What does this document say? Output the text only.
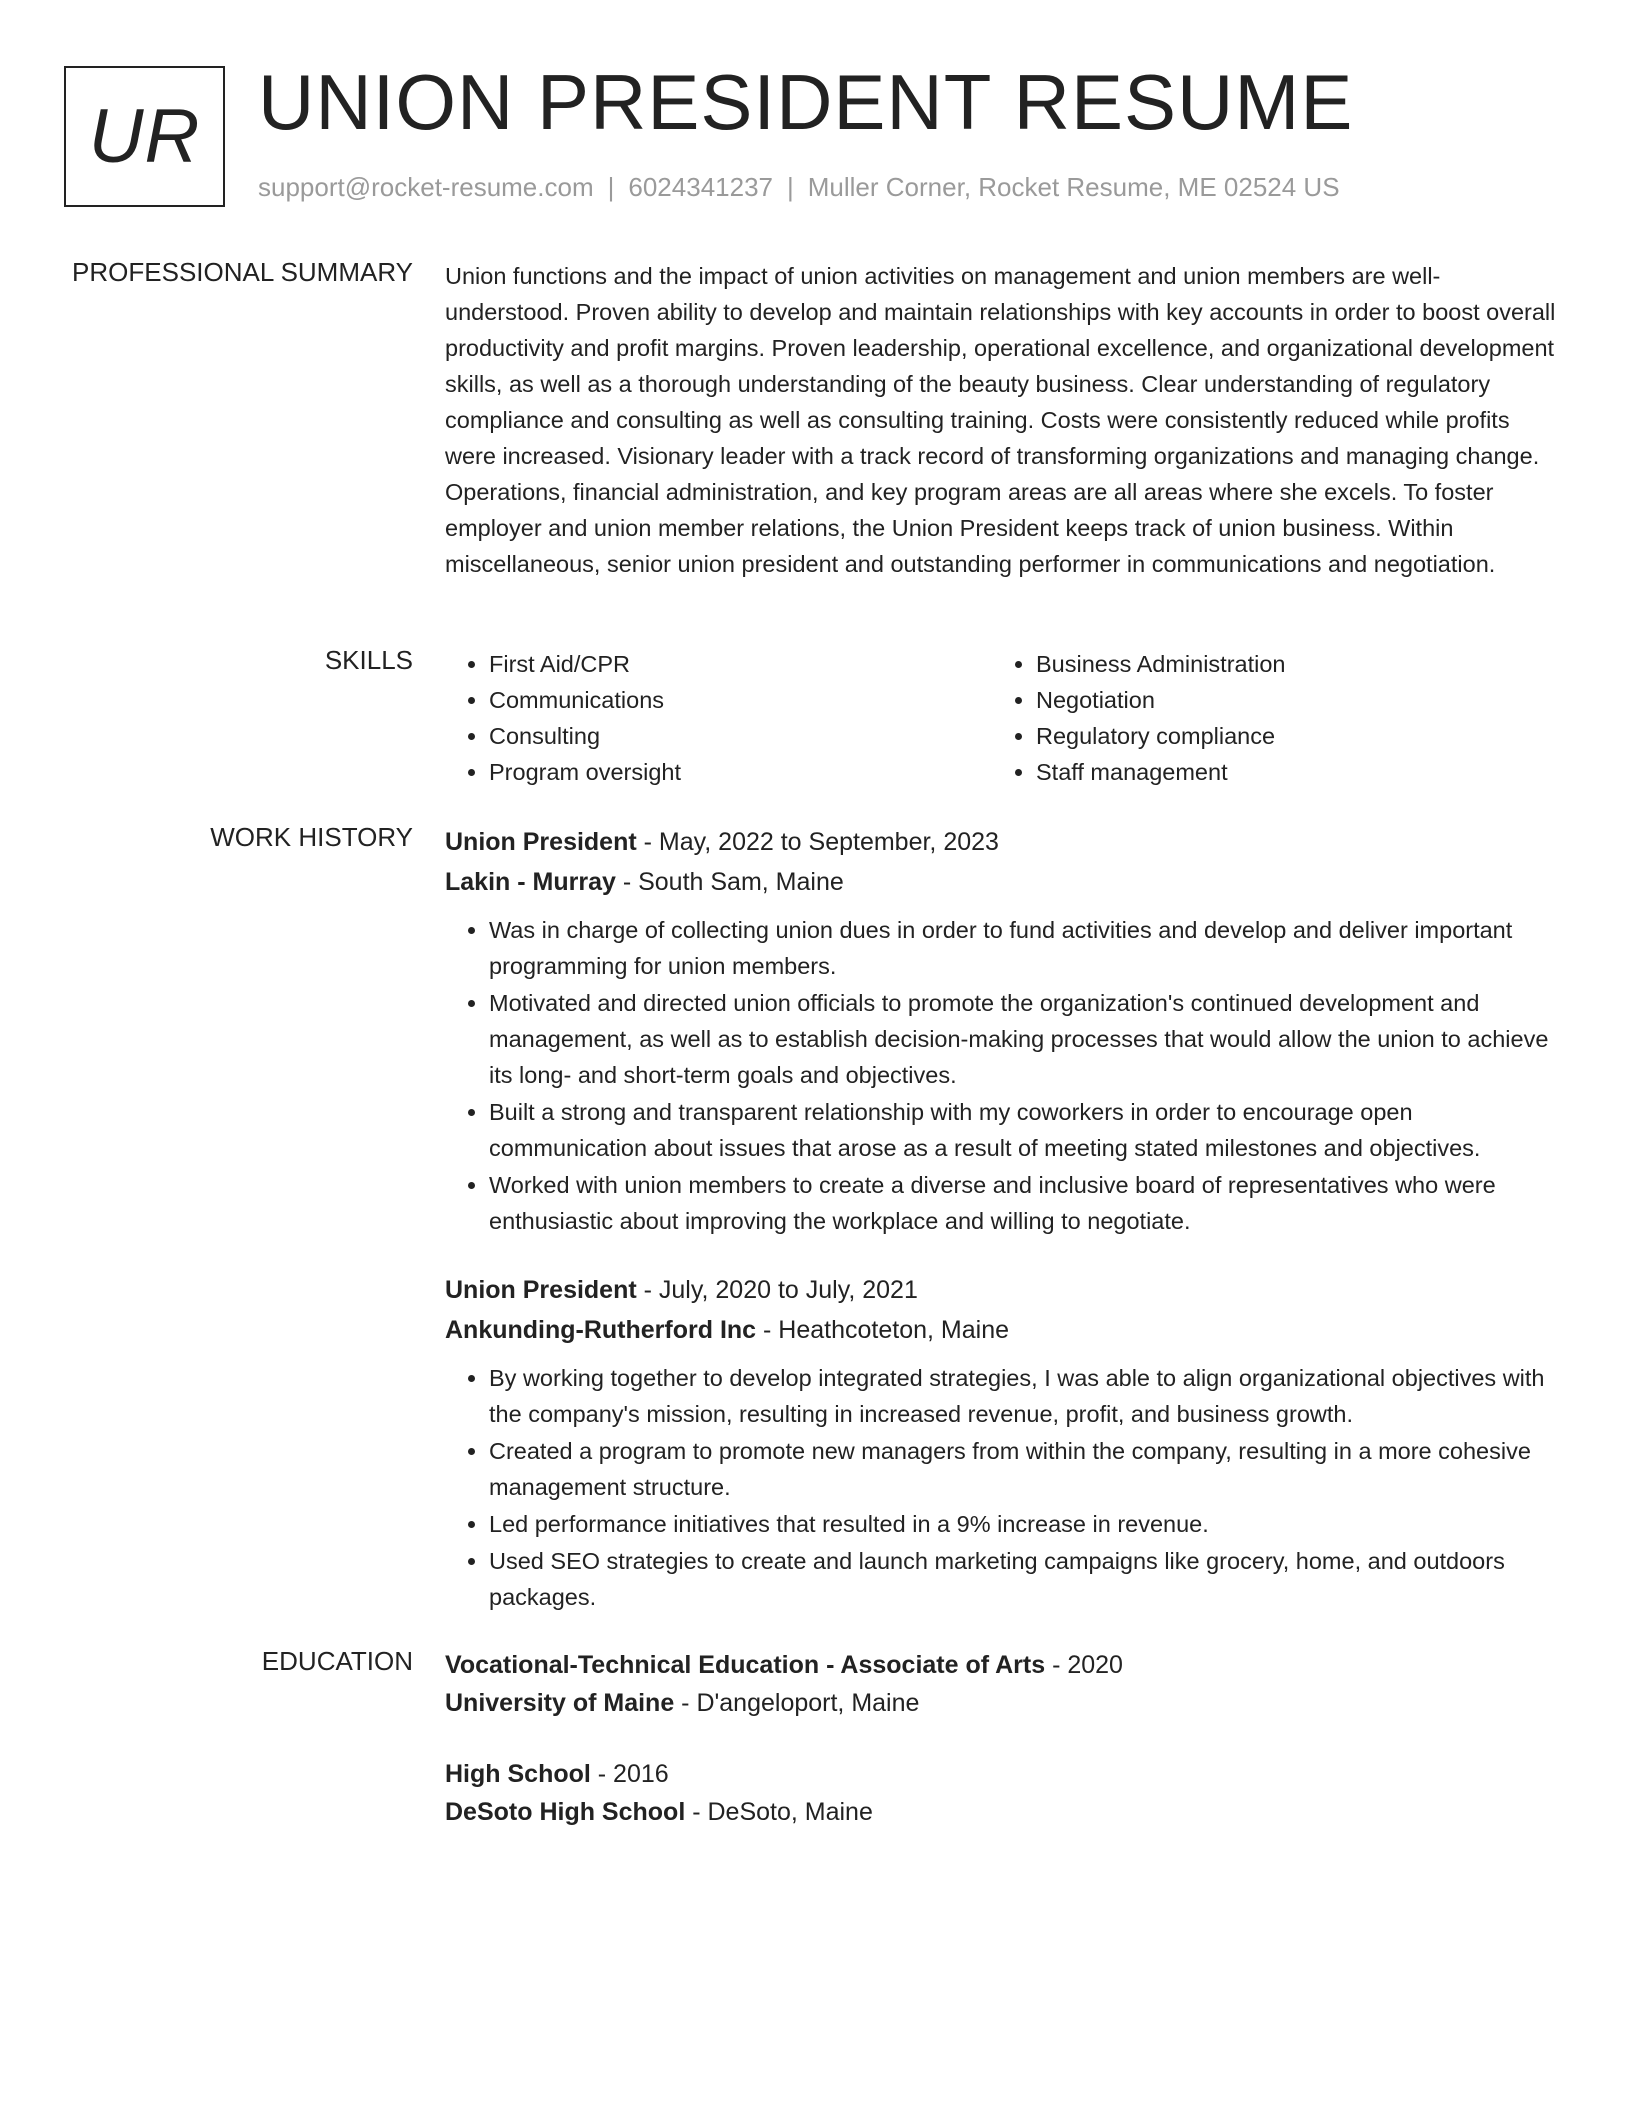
UR UNION PRESIDENT RESUME
support@rocket-resume.com | 6024341237 | Muller Corner, Rocket Resume, ME 02524 US
PROFESSIONAL SUMMARY Union functions and the impact of union activities on management and union members are well-understood. Proven ability to develop and maintain relationships with key accounts in order to boost overall productivity and profit margins. Proven leadership, operational excellence, and organizational development skills, as well as a thorough understanding of the beauty business. Clear understanding of regulatory compliance and consulting as well as consulting training. Costs were consistently reduced while profits were increased. Visionary leader with a track record of transforming organizations and managing change. Operations, financial administration, and key program areas are all areas where she excels. To foster employer and union member relations, the Union President keeps track of union business. Within miscellaneous, senior union president and outstanding performer in communications and negotiation.

SKILLS
•	First Aid/CPR
• Communications
• Consulting
• Program oversight
• Business Administration
• Negotiation
• Regulatory compliance
• Staff management
WORK HISTORY Union President - May, 2022 to September, 2023
Lakin - Murray - South Sam, Maine
• Was in charge of collecting union dues in order to fund activities and develop and deliver important programming for union members.
• Motivated and directed union officials to promote the organization's continued development and management, as well as to establish decision-making processes that would allow the union to achieve its long- and short-term goals and objectives.
• Built a strong and transparent relationship with my coworkers in order to encourage open communication about issues that arose as a result of meeting stated milestones and objectives.
• Worked with union members to create a diverse and inclusive board of representatives who were enthusiastic about improving the workplace and willing to negotiate.
Union President - July, 2020 to July, 2021
Ankunding-Rutherford Inc - Heathcoteton, Maine
• By working together to develop integrated strategies, I was able to align organizational objectives with the company's mission, resulting in increased revenue, profit, and business growth.
• Created a program to promote new managers from within the company, resulting in a more cohesive management structure.
• Led performance initiatives that resulted in a 9% increase in revenue.
• Used SEO strategies to create and launch marketing campaigns like grocery, home, and outdoors packages.
EDUCATION Vocational-Technical Education - Associate of Arts - 2020
University of Maine - D'angeloport, Maine
High School - 2016
DeSoto High School - DeSoto, Maine
